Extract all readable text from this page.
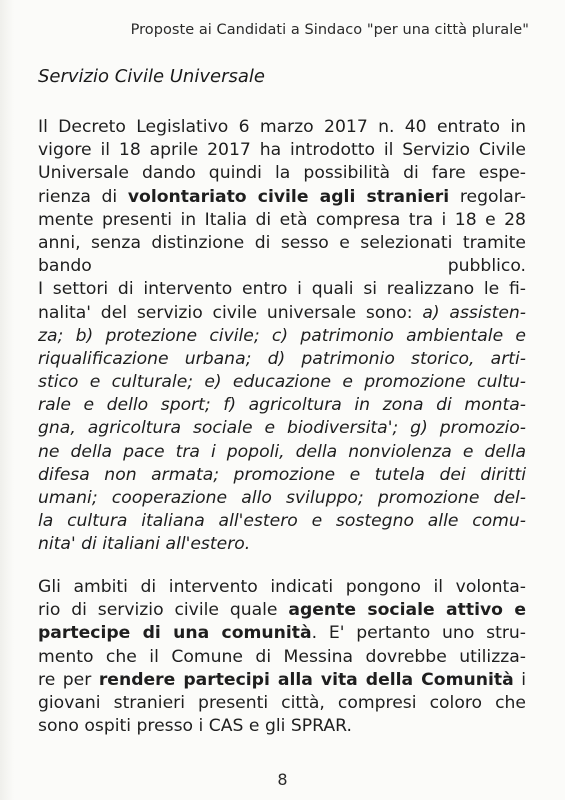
Proposte ai Candidati a Sindaco "per una città plurale"
Servizio Civile Universale
Il Decreto Legislativo 6 marzo 2017 n. 40 entrato in
vigore il 18 aprile 2017 ha introdotto il Servizio Civile
Universale dando quindi la possibilità di fare espe-
rienza di volontariato civile agli stranieri regolar-
mente presenti in Italia di età compresa tra i 18 e 28
anni, senza distinzione di sesso e selezionati tramite
bando pubblico.
I settori di intervento entro i quali si realizzano le fi-
nalita' del servizio civile universale sono: a) assisten-
za; b) protezione civile; c) patrimonio ambientale e
riqualificazione urbana; d) patrimonio storico, arti-
stico e culturale; e) educazione e promozione cultu-
rale e dello sport; f) agricoltura in zona di monta-
gna, agricoltura sociale e biodiversita'; g) promozio-
ne della pace tra i popoli, della nonviolenza e della
difesa non armata; promozione e tutela dei diritti
umani; cooperazione allo sviluppo; promozione del-
la cultura italiana all'estero e sostegno alle comu-
nita' di italiani all'estero.
Gli ambiti di intervento indicati pongono il volonta-
rio di servizio civile quale agente sociale attivo e
partecipe di una comunità. E' pertanto uno stru-
mento che il Comune di Messina dovrebbe utilizza-
re per rendere partecipi alla vita della Comunità i
giovani stranieri presenti città, compresi coloro che
sono ospiti presso i CAS e gli SPRAR.
8
